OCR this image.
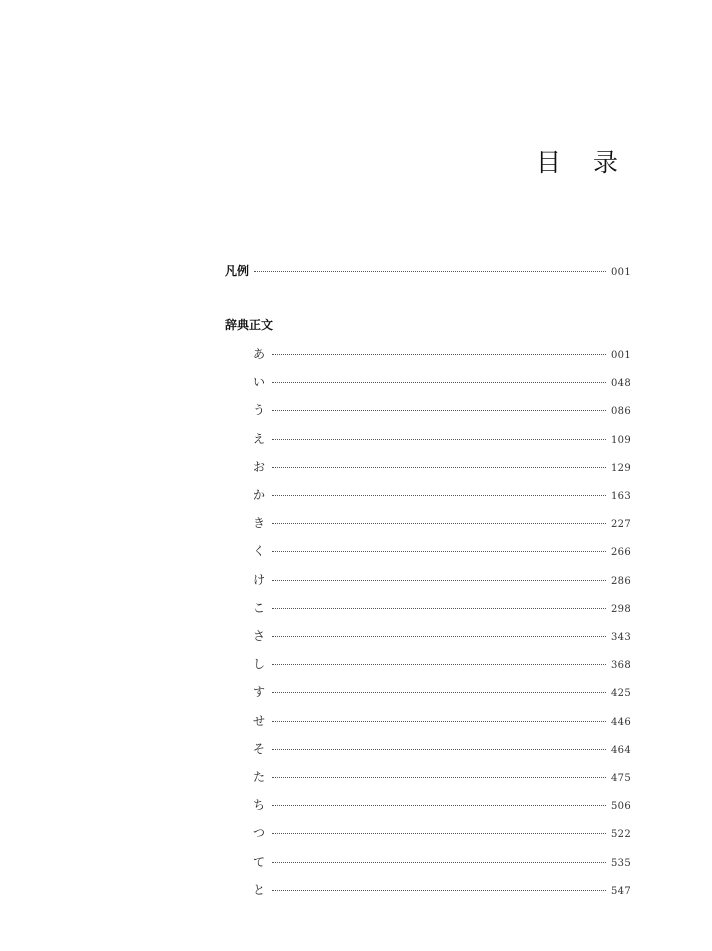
目 录
凡例	001
辞典正文
あ	001
い	048
う	086
え	109
お	129
か	163
き	227
く	266
け	286
こ	298
さ	343
し	368
す	425
せ	446
そ	464
た	475
ち	506
つ	522
て	535
と	547
